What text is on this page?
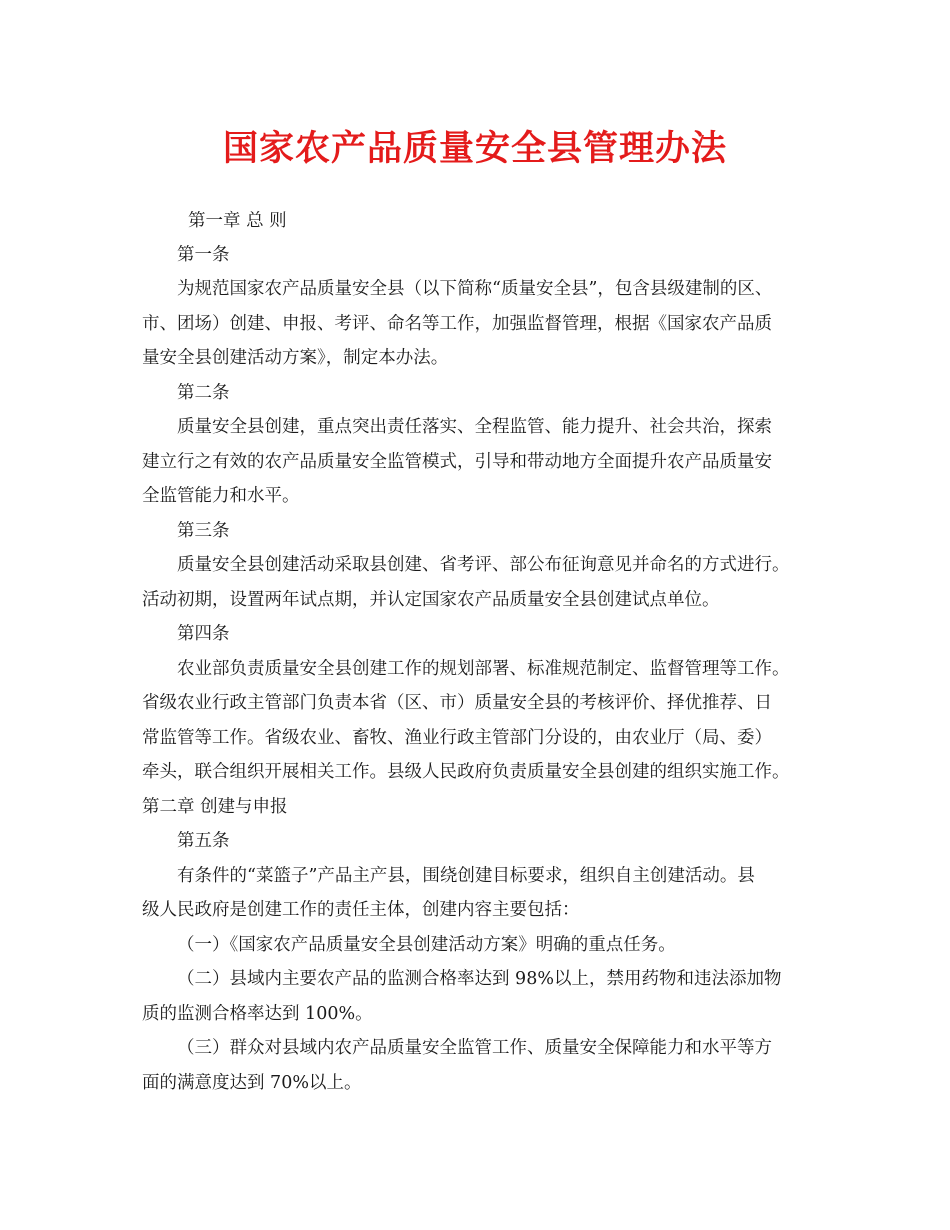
国家农产品质量安全县管理办法
第一章 总 则
第一条
为规范国家农产品质量安全县（以下简称“质量安全县”，包含县级建制的区、
市、团场）创建、申报、考评、命名等工作，加强监督管理，根据《国家农产品质
量安全县创建活动方案》，制定本办法。
第二条
质量安全县创建，重点突出责任落实、全程监管、能力提升、社会共治，探索
建立行之有效的农产品质量安全监管模式，引导和带动地方全面提升农产品质量安
全监管能力和水平。
第三条
质量安全县创建活动采取县创建、省考评、部公布征询意见并命名的方式进行。
活动初期，设置两年试点期，并认定国家农产品质量安全县创建试点单位。
第四条
农业部负责质量安全县创建工作的规划部署、标准规范制定、监督管理等工作。
省级农业行政主管部门负责本省（区、市）质量安全县的考核评价、择优推荐、日
常监管等工作。省级农业、畜牧、渔业行政主管部门分设的，由农业厅（局、委）
牵头，联合组织开展相关工作。县级人民政府负责质量安全县创建的组织实施工作。
第二章 创建与申报
第五条
有条件的“菜篮子”产品主产县，围绕创建目标要求，组织自主创建活动。县
级人民政府是创建工作的责任主体，创建内容主要包括：
（一）《国家农产品质量安全县创建活动方案》明确的重点任务。
（二）县域内主要农产品的监测合格率达到 98%以上，禁用药物和违法添加物
质的监测合格率达到 100%。
（三）群众对县域内农产品质量安全监管工作、质量安全保障能力和水平等方
面的满意度达到 70%以上。
